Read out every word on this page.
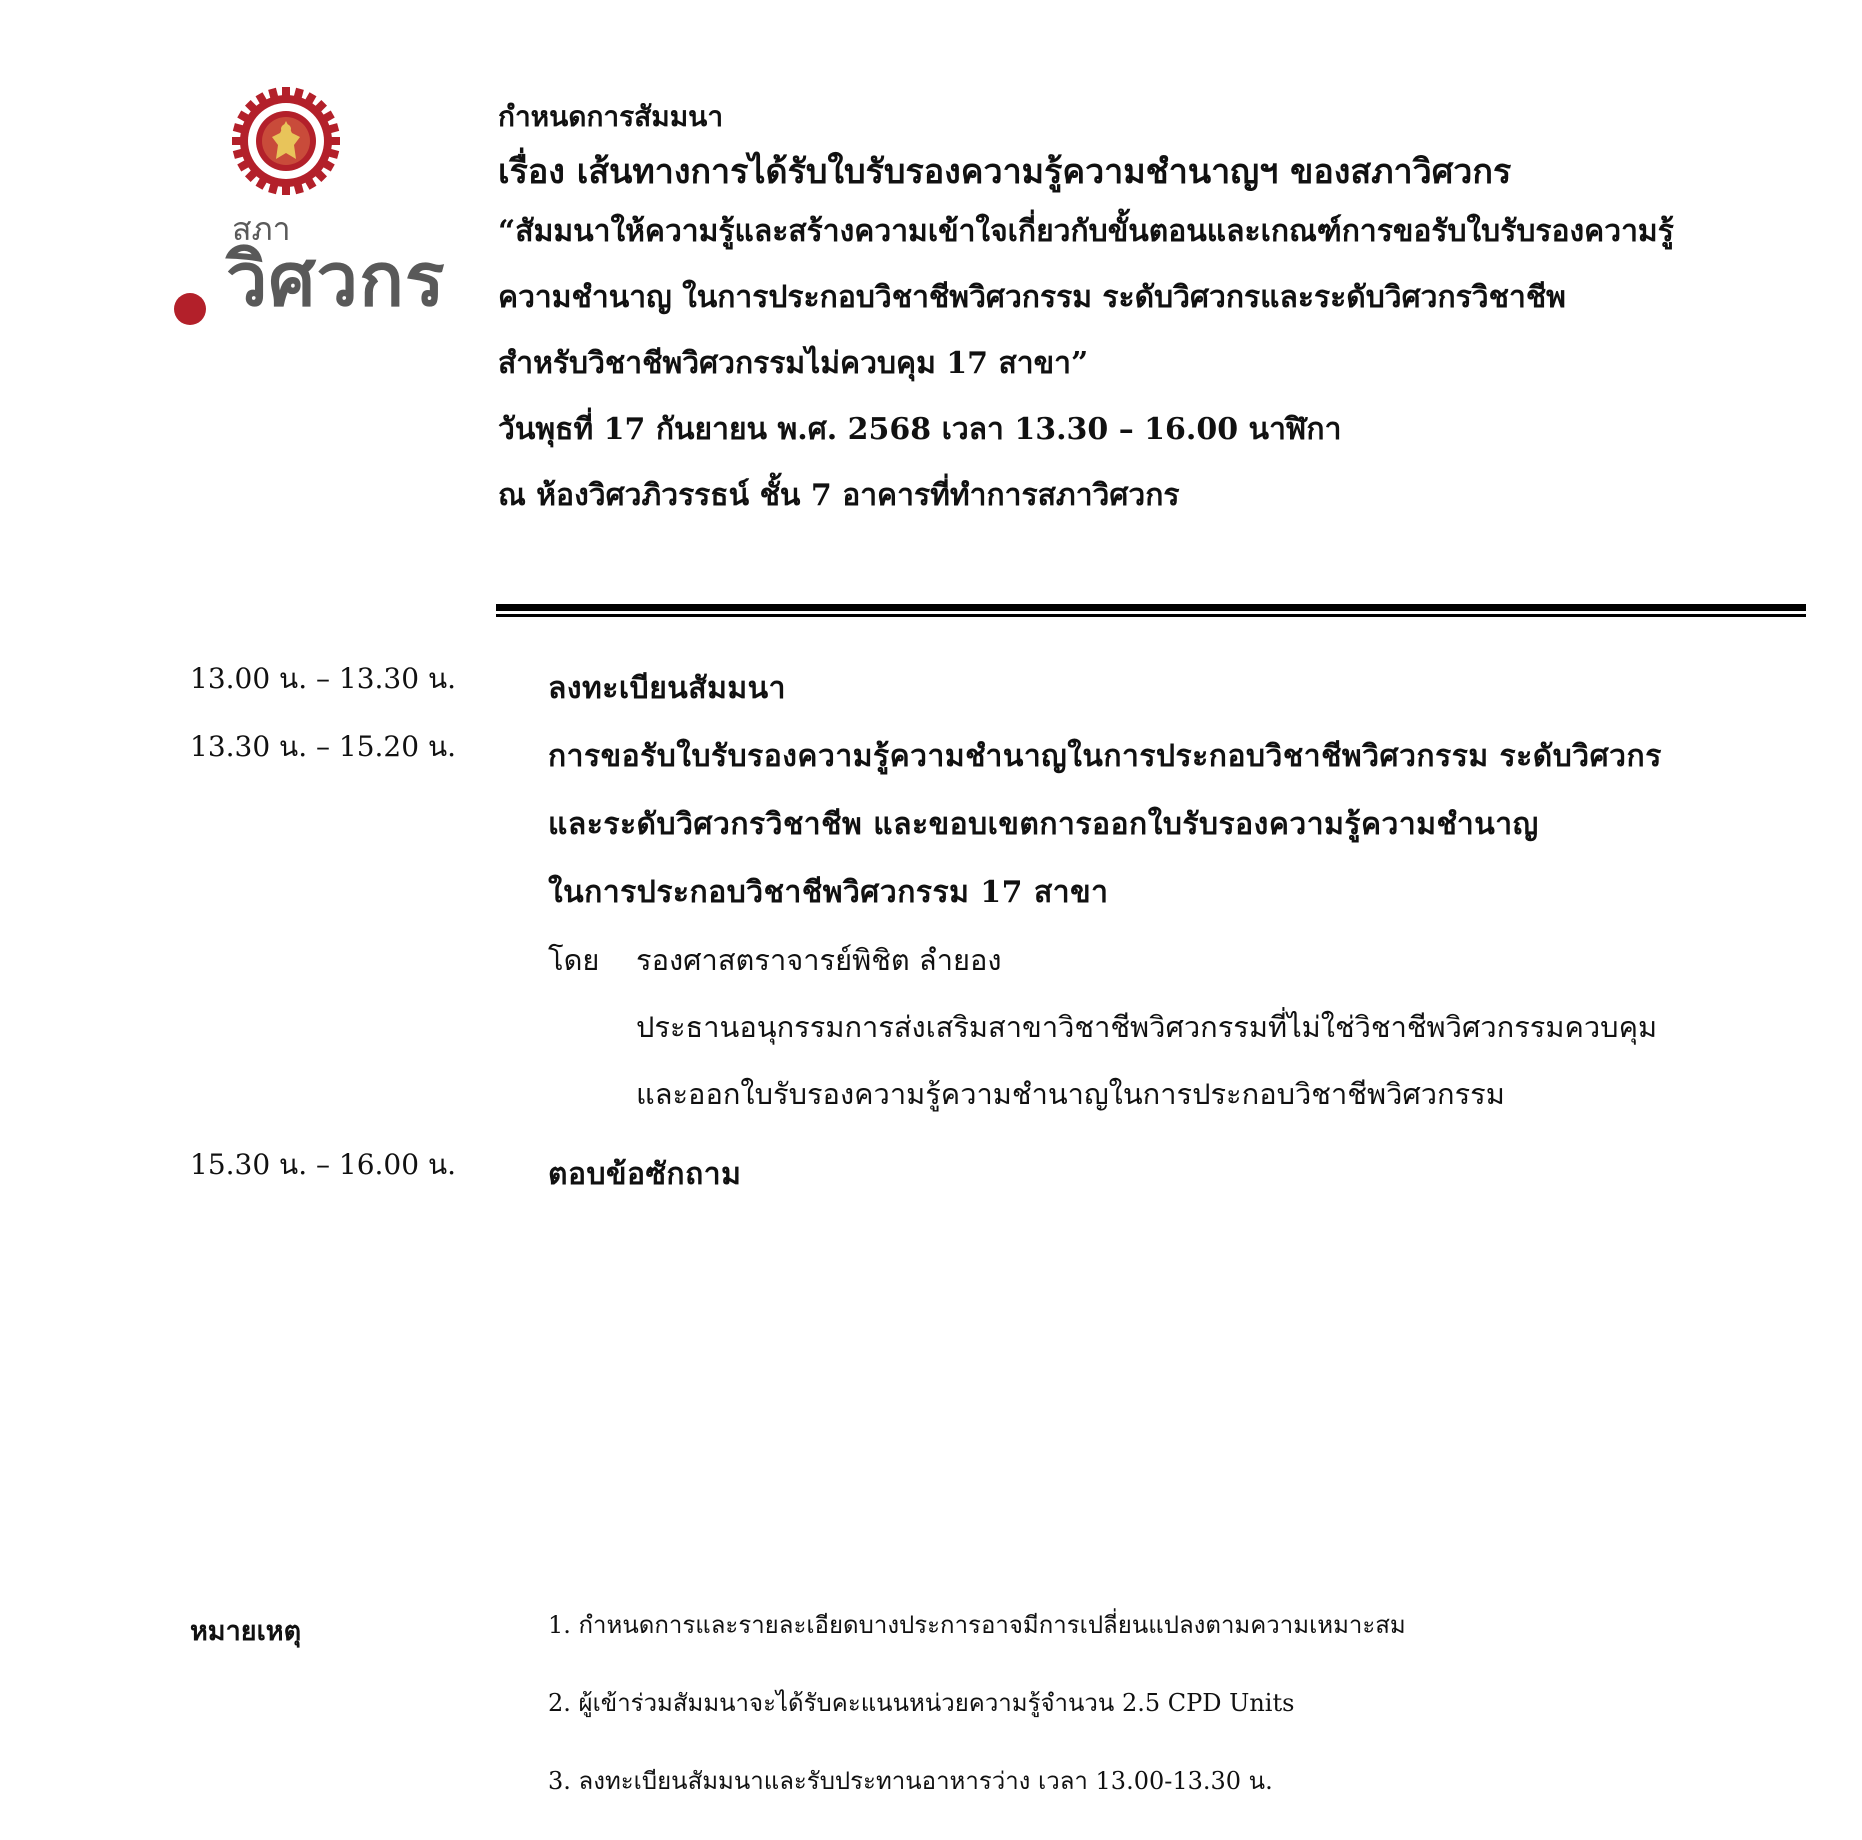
สภา
วิศวกร
กำหนดการสัมมนา
เรื่อง เส้นทางการได้รับใบรับรองความรู้ความชำนาญฯ ของสภาวิศวกร
“สัมมนาให้ความรู้และสร้างความเข้าใจเกี่ยวกับขั้นตอนและเกณฑ์การขอรับใบรับรองความรู้
ความชำนาญ ในการประกอบวิชาชีพวิศวกรรม ระดับวิศวกรและระดับวิศวกรวิชาชีพ
สำหรับวิชาชีพวิศวกรรมไม่ควบคุม 17 สาขา”
วันพุธที่ 17 กันยายน พ.ศ. 2568 เวลา 13.30 – 16.00 นาฬิกา
ณ ห้องวิศวภิวรรธน์ ชั้น 7 อาคารที่ทำการสภาวิศวกร
13.00 น. – 13.30 น.	ลงทะเบียนสัมมนา
13.30 น. – 15.20 น.	การขอรับใบรับรองความรู้ความชำนาญในการประกอบวิชาชีพวิศวกรรม ระดับวิศวกร
และระดับวิศวกรวิชาชีพ และขอบเขตการออกใบรับรองความรู้ความชำนาญ
ในการประกอบวิชาชีพวิศวกรรม 17 สาขา
โดย รองศาสตราจารย์พิชิต ลำยอง
ประธานอนุกรรมการส่งเสริมสาขาวิชาชีพวิศวกรรมที่ไม่ใช่วิชาชีพวิศวกรรมควบคุม
และออกใบรับรองความรู้ความชำนาญในการประกอบวิชาชีพวิศวกรรม
15.30 น. – 16.00 น.	ตอบข้อซักถาม
หมายเหตุ	1. กำหนดการและรายละเอียดบางประการอาจมีการเปลี่ยนแปลงตามความเหมาะสม
2. ผู้เข้าร่วมสัมมนาจะได้รับคะแนนหน่วยความรู้จำนวน 2.5 CPD Units
3. ลงทะเบียนสัมมนาและรับประทานอาหารว่าง เวลา 13.00-13.30 น.
